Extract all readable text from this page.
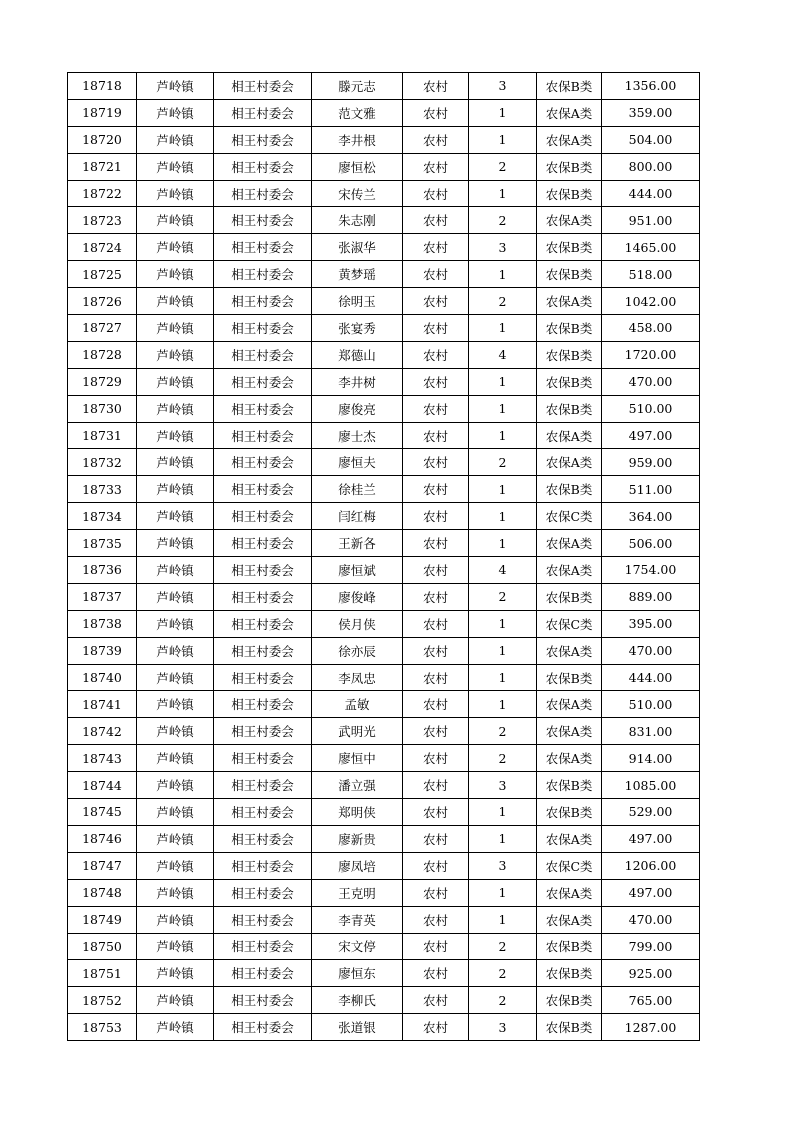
18718	芦岭镇	相王村委会	滕元志	农村	3	农保B类	1356.00
18719	芦岭镇	相王村委会	范文雅	农村	1	农保A类	359.00
18720	芦岭镇	相王村委会	李井根	农村	1	农保A类	504.00
18721	芦岭镇	相王村委会	廖恒松	农村	2	农保B类	800.00
18722	芦岭镇	相王村委会	宋传兰	农村	1	农保B类	444.00
18723	芦岭镇	相王村委会	朱志刚	农村	2	农保A类	951.00
18724	芦岭镇	相王村委会	张淑华	农村	3	农保B类	1465.00
18725	芦岭镇	相王村委会	黄梦瑶	农村	1	农保B类	518.00
18726	芦岭镇	相王村委会	徐明玉	农村	2	农保A类	1042.00
18727	芦岭镇	相王村委会	张宴秀	农村	1	农保B类	458.00
18728	芦岭镇	相王村委会	郑德山	农村	4	农保B类	1720.00
18729	芦岭镇	相王村委会	李井树	农村	1	农保B类	470.00
18730	芦岭镇	相王村委会	廖俊亮	农村	1	农保B类	510.00
18731	芦岭镇	相王村委会	廖士杰	农村	1	农保A类	497.00
18732	芦岭镇	相王村委会	廖恒夫	农村	2	农保A类	959.00
18733	芦岭镇	相王村委会	徐桂兰	农村	1	农保B类	511.00
18734	芦岭镇	相王村委会	闫红梅	农村	1	农保C类	364.00
18735	芦岭镇	相王村委会	王新各	农村	1	农保A类	506.00
18736	芦岭镇	相王村委会	廖恒斌	农村	4	农保A类	1754.00
18737	芦岭镇	相王村委会	廖俊峰	农村	2	农保B类	889.00
18738	芦岭镇	相王村委会	侯月侠	农村	1	农保C类	395.00
18739	芦岭镇	相王村委会	徐亦辰	农村	1	农保A类	470.00
18740	芦岭镇	相王村委会	李凤忠	农村	1	农保B类	444.00
18741	芦岭镇	相王村委会	孟敏	农村	1	农保A类	510.00
18742	芦岭镇	相王村委会	武明光	农村	2	农保A类	831.00
18743	芦岭镇	相王村委会	廖恒中	农村	2	农保A类	914.00
18744	芦岭镇	相王村委会	潘立强	农村	3	农保B类	1085.00
18745	芦岭镇	相王村委会	郑明侠	农村	1	农保B类	529.00
18746	芦岭镇	相王村委会	廖新贵	农村	1	农保A类	497.00
18747	芦岭镇	相王村委会	廖凤培	农村	3	农保C类	1206.00
18748	芦岭镇	相王村委会	王克明	农村	1	农保A类	497.00
18749	芦岭镇	相王村委会	李青英	农村	1	农保A类	470.00
18750	芦岭镇	相王村委会	宋文停	农村	2	农保B类	799.00
18751	芦岭镇	相王村委会	廖恒东	农村	2	农保B类	925.00
18752	芦岭镇	相王村委会	李柳氏	农村	2	农保B类	765.00
18753	芦岭镇	相王村委会	张道银	农村	3	农保B类	1287.00
